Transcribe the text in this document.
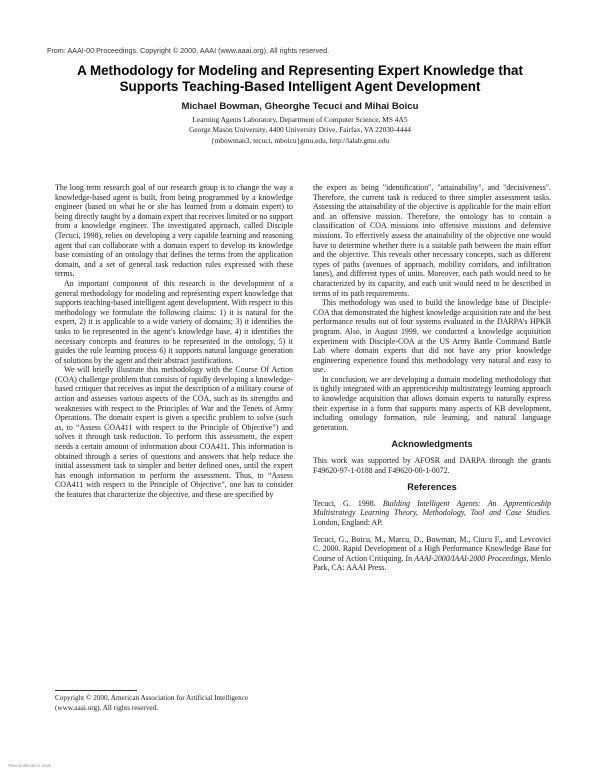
From: AAAI-00 Proceedings. Copyright © 2000, AAAI (www.aaai.org). All rights reserved.
A Methodology for Modeling and Representing Expert Knowledge that
Supports Teaching-Based Intelligent Agent Development
Michael Bowman, Gheorghe Tecuci and Mihai Boicu
Learning Agents Laboratory, Department of Computer Science, MS 4A5
George Mason University, 4400 University Drive, Fairfax, VA 22030-4444
{mbowman3, tecuci, mboicu}gmu.edu, http://lalab.gmu.edu

The long term research goal of our research group is to change the way a knowledge-based agent is built, from being programmed by a knowledge engineer (based on what he or she has learned from a domain expert) to being directly taught by a domain expert that receives limited or no support from a knowledge engineer. The investigated approach, called Disciple (Tecuci, 1998), relies on developing a very capable learning and reasoning agent that can collaborate with a domain expert to develop its knowledge base consisting of an ontology that defines the terms from the application domain, and a set of general task reduction rules expressed with these terms.

An important component of this research is the development of a general methodology for modeling and representing expert knowledge that supports teaching-based intelligent agent development. With respect to this methodology we formulate the following claims: 1) it is natural for the expert, 2) it is applicable to a wide variety of domains; 3) it identifies the tasks to be represented in the agent’s knowledge base, 4) it identifies the necessary concepts and features to be represented in the ontology, 5) it guides the rule learning process 6) it supports natural language generation of solutions by the agent and their abstract justifications.

We will briefly illustrate this methodology with the Course Of Action (COA) challenge problem that consists of rapidly developing a knowledge-based critiquer that receives as input the description of a military course of action and assesses various aspects of the COA, such as its strengths and weaknesses with respect to the Principles of War and the Tenets of Army Operations. The domain expert is given a specific problem to solve (such as, to “Assess COA411 with respect to the Principle of Objective”) and solves it through task reduction. To perform this assessment, the expert needs a certain amount of information about COA411. This information is obtained through a series of questions and answers that help reduce the initial assessment task to simpler and better defined ones, until the expert has enough information to perform the assessment. Thus, to “Assess COA411 with respect to the Principle of Objective”, one has to consider the features that characterize the objective, and these are specified by

the expert as being "identification", "attainability", and "decisiveness". Therefore, the current task is reduced to three simpler assessment tasks. Assessing the attainability of the objective is applicable for the main effort and an offensive mission. Therefore, the ontology has to contain a classification of COA missions into offensive missions and defensive missions. To effectively assess the attainability of the objective one would have to determine whether there is a suitable path between the main effort and the objective. This reveals other necessary concepts, such as different types of paths (avenues of approach, mobility corridors, and infiltration lanes), and different types of units. Moreover, each path would need to be characterized by its capacity, and each unit would need to be described in terms of its path requirements.

This methodology was used to build the knowledge base of Disciple-COA that demonstrated the highest knowledge acquisition rate and the best performance results out of four systems evaluated in the DARPA’s HPKB program. Also, in August 1999, we conducted a knowledge acquisition experiment with Disciple-COA at the US Army Battle Command Battle Lab where domain experts that did not have any prior knowledge engineering experience found this methodology very natural and easy to use.

In conclusion, we are developing a domain modeling methodology that is tightly integrated with an apprenticeship multistrategy learning approach to knowledge acquisition that allows domain experts to naturally express their expertise in a form that supports many aspects of KB development, including ontology formation, rule learning, and natural language generation.

Acknowledgments

This work was supported by AFOSR and DARPA through the grants F49620-97-1-0188 and F49620-00-1-0072.

References

Tecuci, G. 1998. Building Intelligent Agents: An Apprenticeship Multistrategy Learning Theory, Methodology, Tool and Case Studies. London, England: AP.

Tecuci, G., Boicu, M., Marcu, D., Bowman, M., Ciucu F., and Levcovici C. 2000. Rapid Development of a High Performance Knowledge Base for Course of Action Critiquing. In AAAI-2000/IAAI-2000 Proceedings, Menlo Park, CA: AAAI Press.

Copyright © 2000, American Association for Artificial Intelligence
(www.aaai.org). All rights reserved.
View publication stats
